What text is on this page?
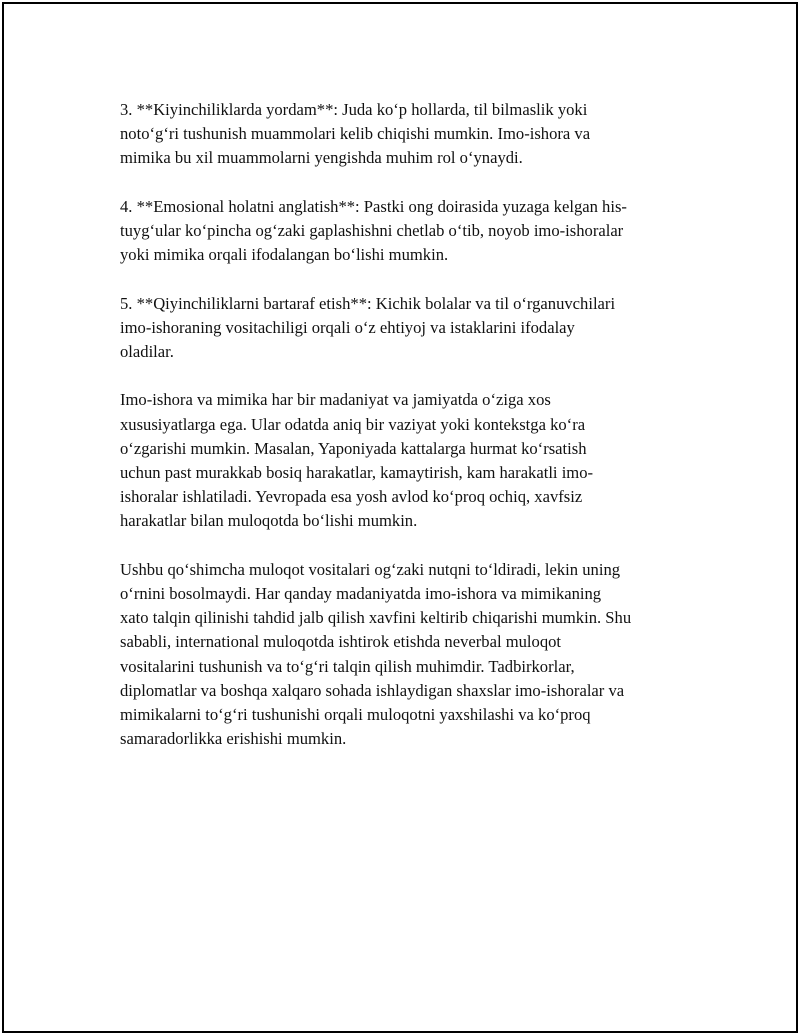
3. **Kiyinchiliklarda yordam**: Juda koʻp hollarda, til bilmaslik yoki
notoʻgʻri tushunish muammolari kelib chiqishi mumkin. Imo-ishora va
mimika bu xil muammolarni yengishda muhim rol oʻynaydi.

4. **Emosional holatni anglatish**: Pastki ong doirasida yuzaga kelgan his-
tuygʻular koʻpincha ogʻzaki gaplashishni chetlab oʻtib, noyob imo-ishoralar
yoki mimika orqali ifodalangan boʻlishi mumkin.

5. **Qiyinchiliklarni bartaraf etish**: Kichik bolalar va til oʻrganuvchilari
imo-ishoraning vositachiligi orqali oʻz ehtiyoj va istaklarini ifodalay
oladilar.

Imo-ishora va mimika har bir madaniyat va jamiyatda oʻziga xos
xususiyatlarga ega. Ular odatda aniq bir vaziyat yoki kontekstga koʻra
oʻzgarishi mumkin. Masalan, Yaponiyada kattalarga hurmat koʻrsatish
uchun past murakkab bosiq harakatlar, kamaytirish, kam harakatli imo-
ishoralar ishlatiladi. Yevropada esa yosh avlod koʻproq ochiq, xavfsiz
harakatlar bilan muloqotda boʻlishi mumkin.

Ushbu qoʻshimcha muloqot vositalari ogʻzaki nutqni toʻldiradi, lekin uning
oʻrnini bosolmaydi. Har qanday madaniyatda imo-ishora va mimikaning
xato talqin qilinishi tahdid jalb qilish xavfini keltirib chiqarishi mumkin. Shu
sababli, international muloqotda ishtirok etishda neverbal muloqot
vositalarini tushunish va toʻgʻri talqin qilish muhimdir. Tadbirkorlar,
diplomatlar va boshqa xalqaro sohada ishlaydigan shaxslar imo-ishoralar va
mimikalarni toʻgʻri tushunishi orqali muloqotni yaxshilashi va koʻproq
samaradorlikka erishishi mumkin.
